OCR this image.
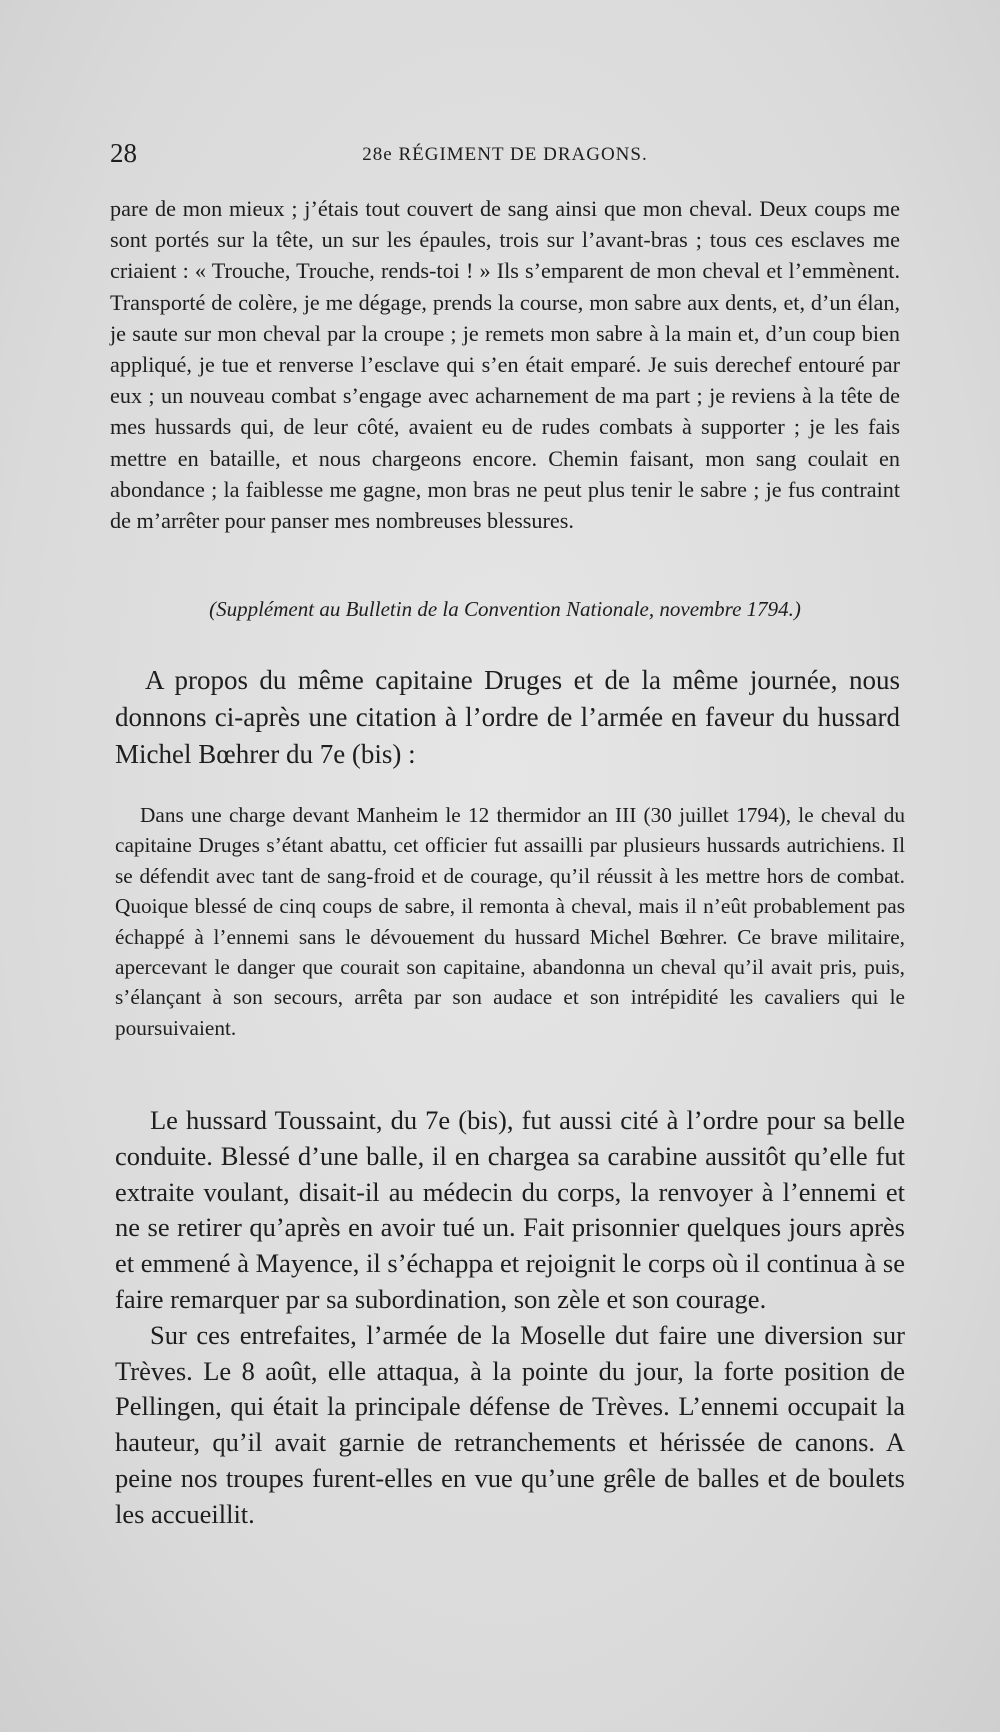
28	28e RÉGIMENT DE DRAGONS.

pare de mon mieux ; j’étais tout couvert de sang ainsi que mon cheval. Deux coups me sont portés sur la tête, un sur les épaules, trois sur l’avant-bras ; tous ces esclaves me criaient : « Trouche, Trouche, rends-toi ! » Ils s’emparent de mon cheval et l’emmènent. Transporté de colère, je me dégage, prends la course, mon sabre aux dents, et, d’un élan, je saute sur mon cheval par la croupe ; je remets mon sabre à la main et, d’un coup bien appliqué, je tue et renverse l’esclave qui s’en était emparé. Je suis derechef entouré par eux ; un nouveau combat s’engage avec acharnement de ma part ; je reviens à la tête de mes hussards qui, de leur côté, avaient eu de rudes combats à supporter ; je les fais mettre en bataille, et nous chargeons encore. Chemin faisant, mon sang coulait en abondance ; la faiblesse me gagne, mon bras ne peut plus tenir le sabre ; je fus contraint de m’arrêter pour panser mes nombreuses blessures.

(Supplément au Bulletin de la Convention Nationale, novembre 1794.)

A propos du même capitaine Druges et de la même journée, nous donnons ci-après une citation à l’ordre de l’armée en faveur du hussard Michel Bœhrer du 7e (bis) :

Dans une charge devant Manheim le 12 thermidor an III (30 juillet 1794), le cheval du capitaine Druges s’étant abattu, cet officier fut assailli par plusieurs hussards autrichiens. Il se défendit avec tant de sang-froid et de courage, qu’il réussit à les mettre hors de combat. Quoique blessé de cinq coups de sabre, il remonta à cheval, mais il n’eût probablement pas échappé à l’ennemi sans le dévouement du hussard Michel Bœhrer. Ce brave militaire, apercevant le danger que courait son capitaine, abandonna un cheval qu’il avait pris, puis, s’élançant à son secours, arrêta par son audace et son intrépidité les cavaliers qui le poursuivaient.

Le hussard Toussaint, du 7e (bis), fut aussi cité à l’ordre pour sa belle conduite. Blessé d’une balle, il en chargea sa carabine aussitôt qu’elle fut extraite voulant, disait-il au médecin du corps, la renvoyer à l’ennemi et ne se retirer qu’après en avoir tué un. Fait prisonnier quelques jours après et emmené à Mayence, il s’échappa et rejoignit le corps où il continua à se faire remarquer par sa subordination, son zèle et son courage.

Sur ces entrefaites, l’armée de la Moselle dut faire une diversion sur Trèves. Le 8 août, elle attaqua, à la pointe du jour, la forte position de Pellingen, qui était la principale défense de Trèves. L’ennemi occupait la hauteur, qu’il avait garnie de retranchements et hérissée de canons. A peine nos troupes furent-elles en vue qu’une grêle de balles et de boulets les accueillit.
